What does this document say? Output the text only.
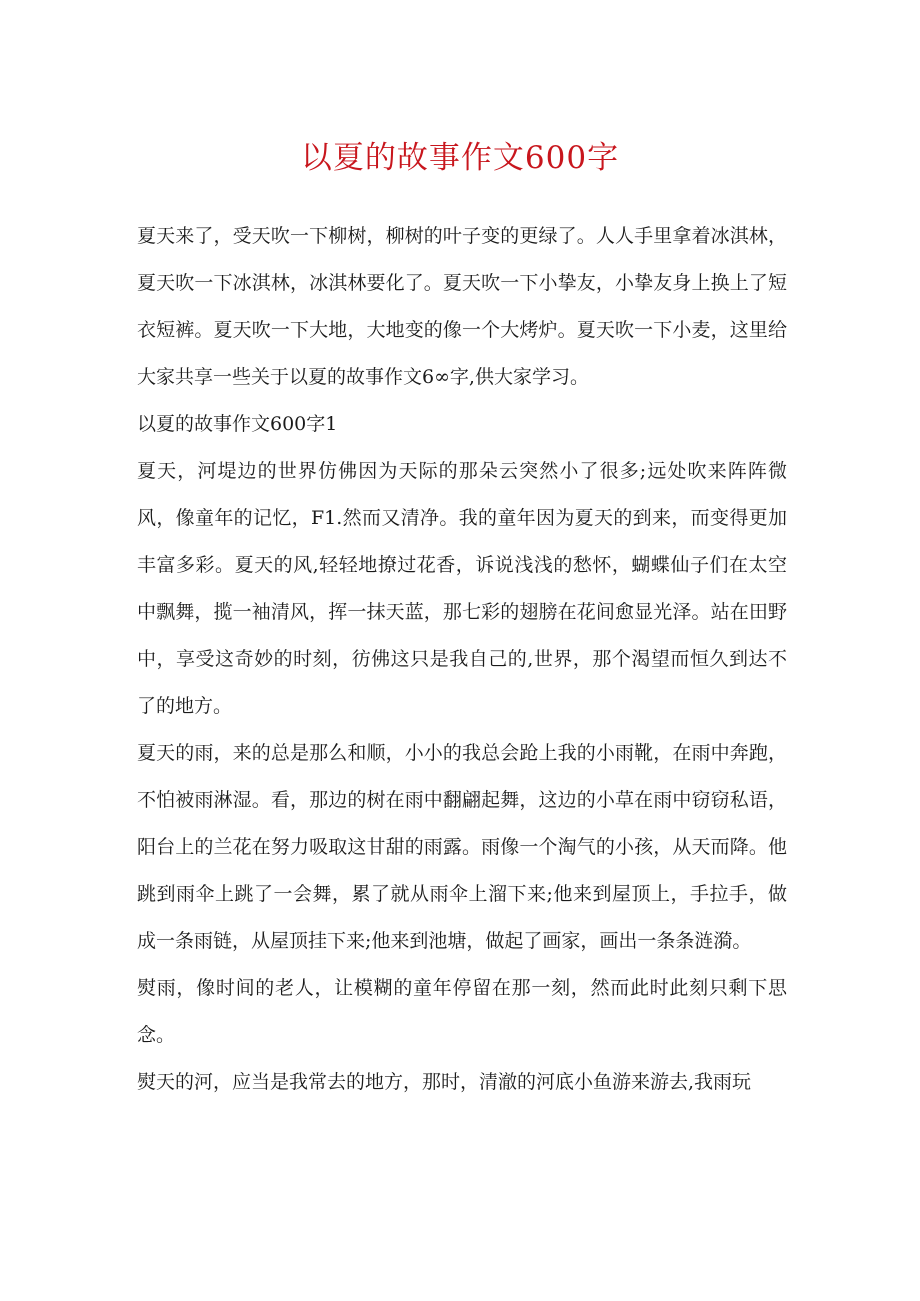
以夏的故事作文600字

夏天来了，受天吹一下柳树，柳树的叶子变的更绿了。人人手里拿着冰淇林，夏天吹一下冰淇林，冰淇林要化了。夏天吹一下小挚友，小挚友身上换上了短衣短裤。夏天吹一下大地，大地变的像一个大烤炉。夏天吹一下小麦，这里给大家共享一些关于以夏的故事作文6∞字,供大家学习。

以夏的故事作文600字1

夏天，河堤边的世界仿佛因为天际的那朵云突然小了很多;远处吹来阵阵微风，像童年的记忆，F1.然而又清净。我的童年因为夏天的到来，而变得更加丰富多彩。夏天的风,轻轻地撩过花香，诉说浅浅的愁怀，蝴蝶仙子们在太空中飘舞，揽一袖清风，挥一抹天蓝，那七彩的翅膀在花间愈显光泽。站在田野中，享受这奇妙的时刻，彷佛这只是我自己的,世界，那个渴望而恒久到达不了的地方。

夏天的雨，来的总是那么和顺，小小的我总会跄上我的小雨靴，在雨中奔跑，不怕被雨淋湿。看，那边的树在雨中翻翩起舞，这边的小草在雨中窃窃私语，阳台上的兰花在努力吸取这甘甜的雨露。雨像一个淘气的小孩，从天而降。他跳到雨伞上跳了一会舞，累了就从雨伞上溜下来;他来到屋顶上，手拉手，做成一条雨链，从屋顶挂下来;他来到池塘，做起了画家，画出一条条涟漪。

熨雨，像时间的老人，让模糊的童年停留在那一刻，然而此时此刻只剩下思念。

熨天的河，应当是我常去的地方，那时，清澈的河底小鱼游来游去,我雨玩
